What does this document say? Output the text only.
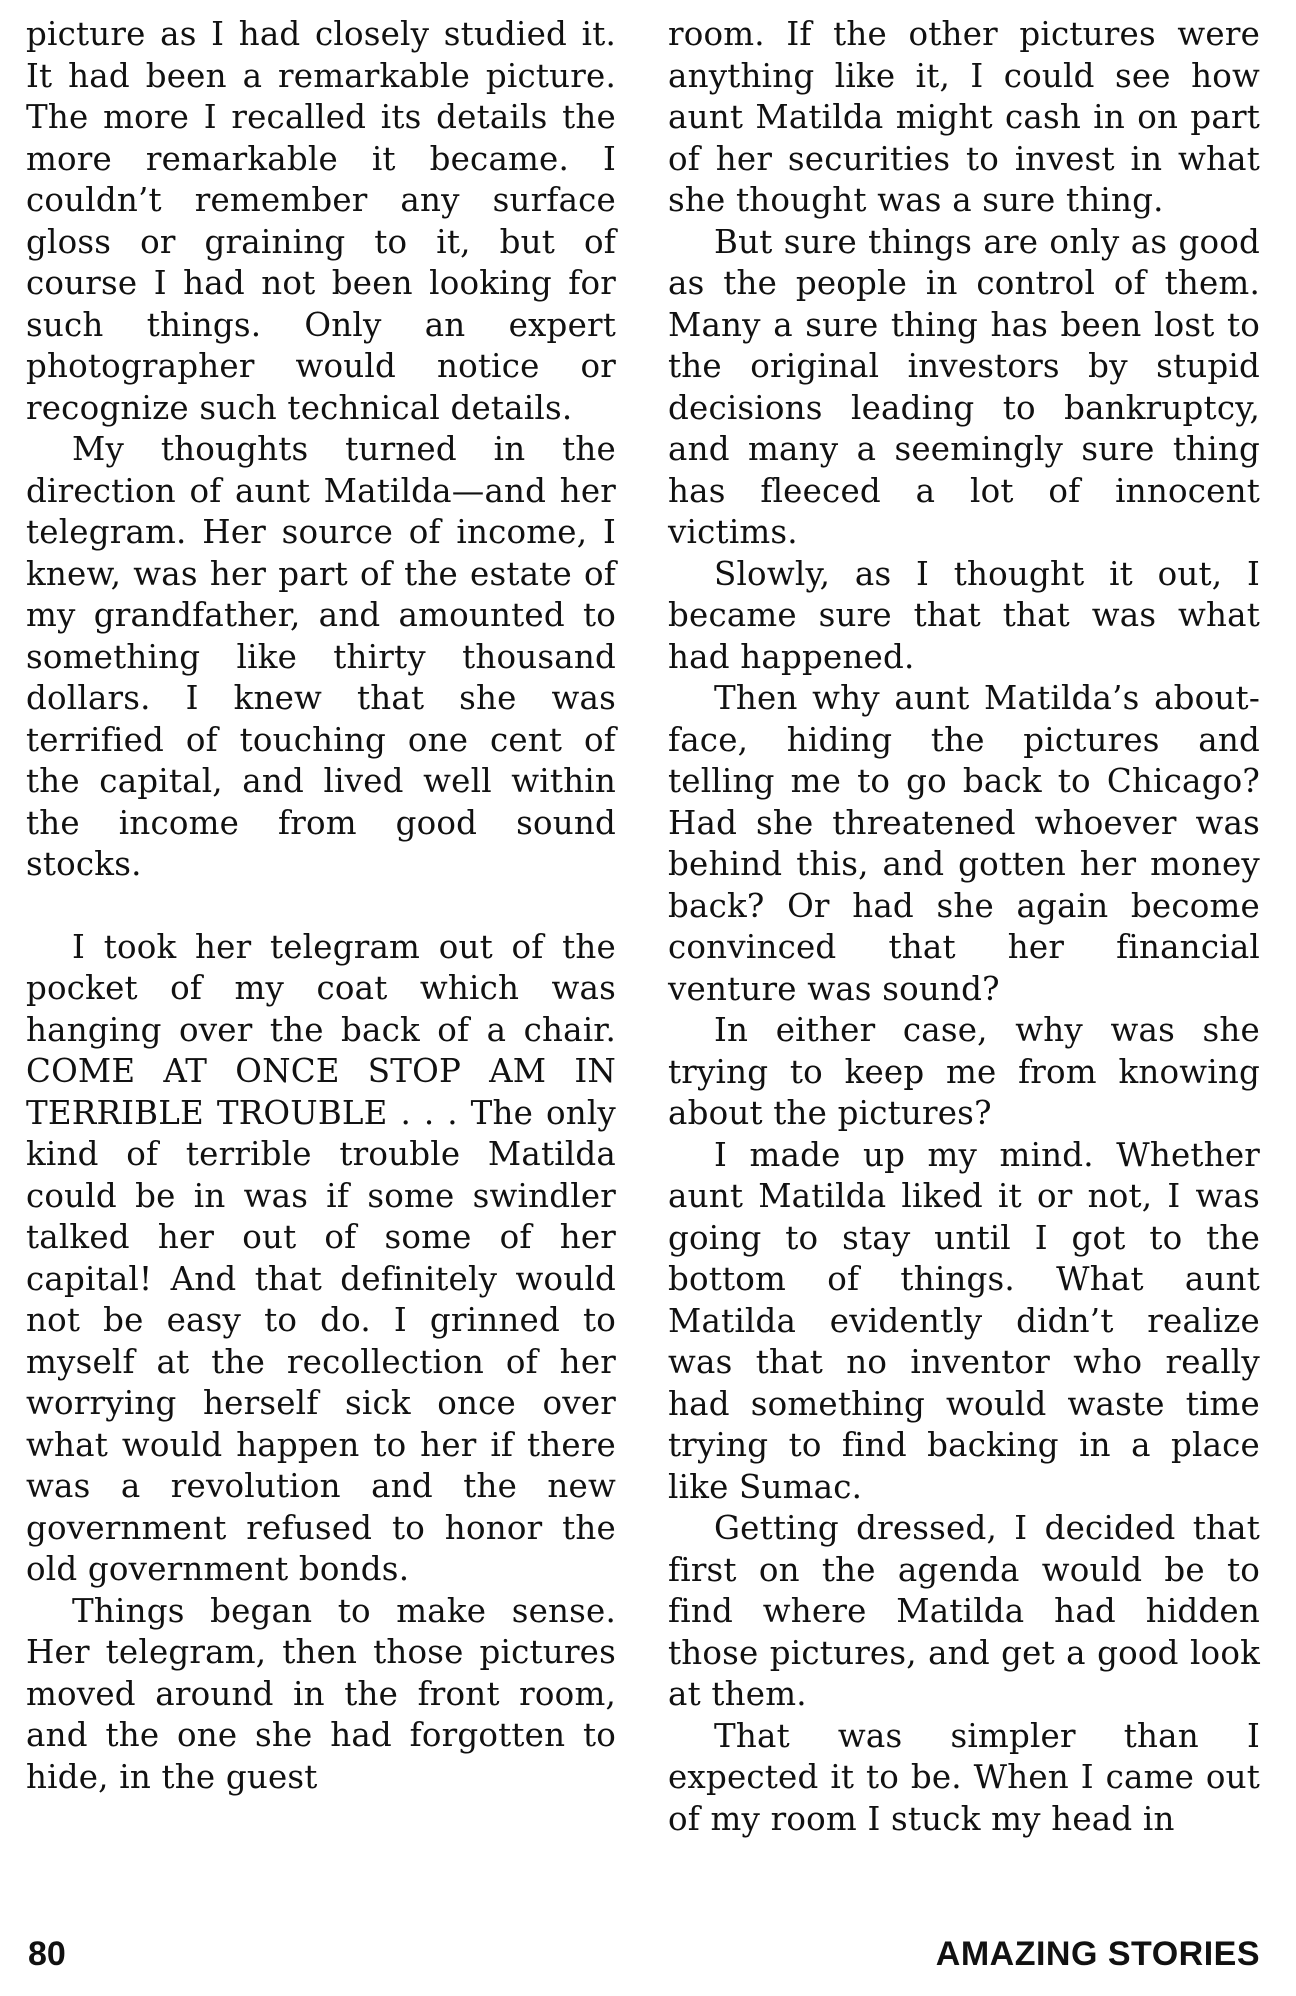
picture as I had closely studied it. It had been a remarkable picture. The more I recalled its details the more remarkable it became. I couldn’t remember any surface gloss or graining to it, but of course I had not been looking for such things. Only an expert photographer would notice or recognize such technical details.

My thoughts turned in the direction of aunt Matilda—and her telegram. Her source of income, I knew, was her part of the estate of my grandfather, and amounted to something like thirty thousand dollars. I knew that she was terrified of touching one cent of the capital, and lived well within the income from good sound stocks.

I took her telegram out of the pocket of my coat which was hanging over the back of a chair. COME AT ONCE STOP AM IN TERRIBLE TROUBLE . . . The only kind of terrible trouble Matilda could be in was if some swindler talked her out of some of her capital! And that definitely would not be easy to do. I grinned to myself at the recollection of her worrying herself sick once over what would happen to her if there was a revolution and the new government refused to honor the old government bonds.

Things began to make sense. Her telegram, then those pictures moved around in the front room, and the one she had forgotten to hide, in the guest

room. If the other pictures were anything like it, I could see how aunt Matilda might cash in on part of her securities to invest in what she thought was a sure thing.

But sure things are only as good as the people in control of them. Many a sure thing has been lost to the original investors by stupid decisions leading to bankruptcy, and many a seemingly sure thing has fleeced a lot of innocent victims.

Slowly, as I thought it out, I became sure that that was what had happened.

Then why aunt Matilda’s about-face, hiding the pictures and telling me to go back to Chicago? Had she threatened whoever was behind this, and gotten her money back? Or had she again become convinced that her financial venture was sound?

In either case, why was she trying to keep me from knowing about the pictures?

I made up my mind. Whether aunt Matilda liked it or not, I was going to stay until I got to the bottom of things. What aunt Matilda evidently didn’t realize was that no inventor who really had something would waste time trying to find backing in a place like Sumac.

Getting dressed, I decided that first on the agenda would be to find where Matilda had hidden those pictures, and get a good look at them.

That was simpler than I expected it to be. When I came out of my room I stuck my head in

80	AMAZING STORIES
